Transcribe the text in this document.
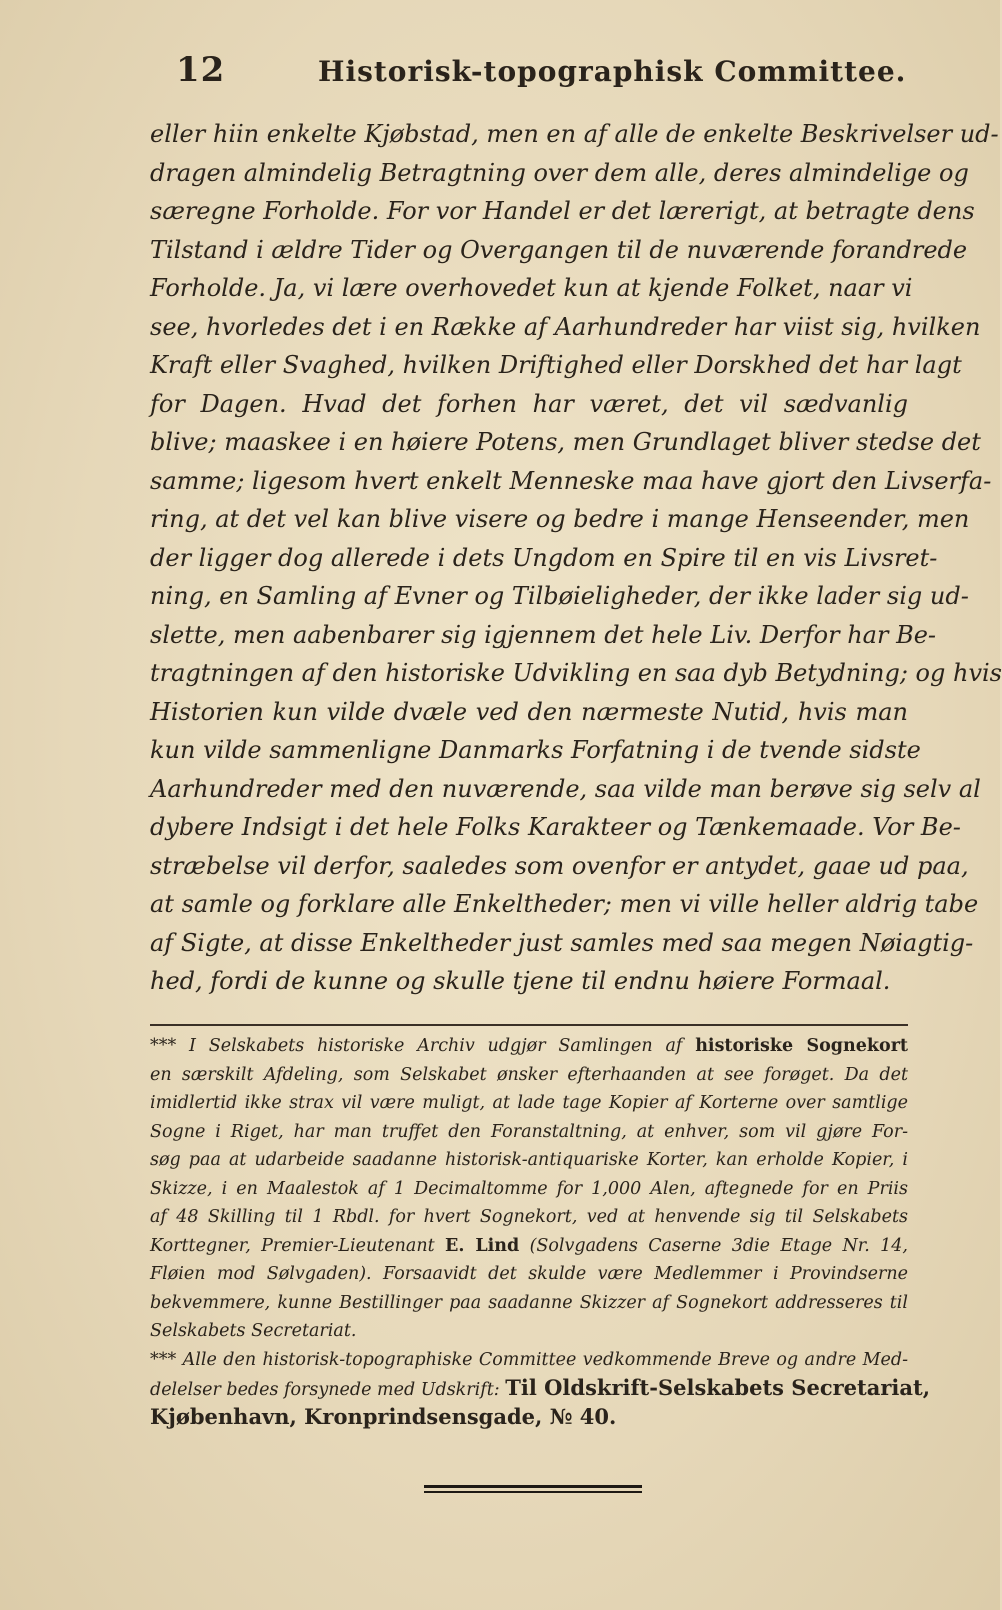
12	Historisk-topographisk Committee.
eller hiin enkelte Kjøbstad, men en af alle de enkelte Beskrivelser ud-
dragen almindelig Betragtning over dem alle, deres almindelige og
særegne Forholde. For vor Handel er det lærerigt, at betragte dens
Tilstand i ældre Tider og Overgangen til de nuværende forandrede
Forholde. Ja, vi lære overhovedet kun at kjende Folket, naar vi
see, hvorledes det i en Række af Aarhundreder har viist sig, hvilken
Kraft eller Svaghed, hvilken Driftighed eller Dorskhed det har lagt
for Dagen. Hvad det forhen har været, det vil sædvanlig
blive; maaskee i en høiere Potens, men Grundlaget bliver stedse det
samme; ligesom hvert enkelt Menneske maa have gjort den Livserfa-
ring, at det vel kan blive visere og bedre i mange Henseender, men
der ligger dog allerede i dets Ungdom en Spire til en vis Livsret-
ning, en Samling af Evner og Tilbøieligheder, der ikke lader sig ud-
slette, men aabenbarer sig igjennem det hele Liv. Derfor har Be-
tragtningen af den historiske Udvikling en saa dyb Betydning; og hvis
Historien kun vilde dvæle ved den nærmeste Nutid, hvis man
kun vilde sammenligne Danmarks Forfatning i de tvende sidste
Aarhundreder med den nuværende, saa vilde man berøve sig selv al
dybere Indsigt i det hele Folks Karakteer og Tænkemaade. Vor Be-
stræbelse vil derfor, saaledes som ovenfor er antydet, gaae ud paa,
at samle og forklare alle Enkeltheder; men vi ville heller aldrig tabe
af Sigte, at disse Enkeltheder just samles med saa megen Nøiagtig-
hed, fordi de kunne og skulle tjene til endnu høiere Formaal.
*** I Selskabets historiske Archiv udgjør Samlingen af historiske Sognekort
en særskilt Afdeling, som Selskabet ønsker efterhaanden at see forøget. Da det
imidlertid ikke strax vil være muligt, at lade tage Kopier af Korterne over samtlige
Sogne i Riget, har man truffet den Foranstaltning, at enhver, som vil gjøre For-
søg paa at udarbeide saadanne historisk-antiquariske Korter, kan erholde Kopier, i
Skizze, i en Maalestok af 1 Decimaltomme for 1,000 Alen, aftegnede for en Priis
af 48 Skilling til 1 Rbdl. for hvert Sognekort, ved at henvende sig til Selskabets
Korttegner, Premier-Lieutenant E. Lind (Solvgadens Caserne 3die Etage Nr. 14,
Fløien mod Sølvgaden). Forsaavidt det skulde være Medlemmer i Provindserne
bekvemmere, kunne Bestillinger paa saadanne Skizzer af Sognekort addresseres til
Selskabets Secretariat.
*** Alle den historisk-topographiske Committee vedkommende Breve og andre Med-
delelser bedes forsynede med Udskrift: Til Oldskrift-Selskabets Secretariat,
Kjøbenhavn, Kronprindsensgade, № 40.
